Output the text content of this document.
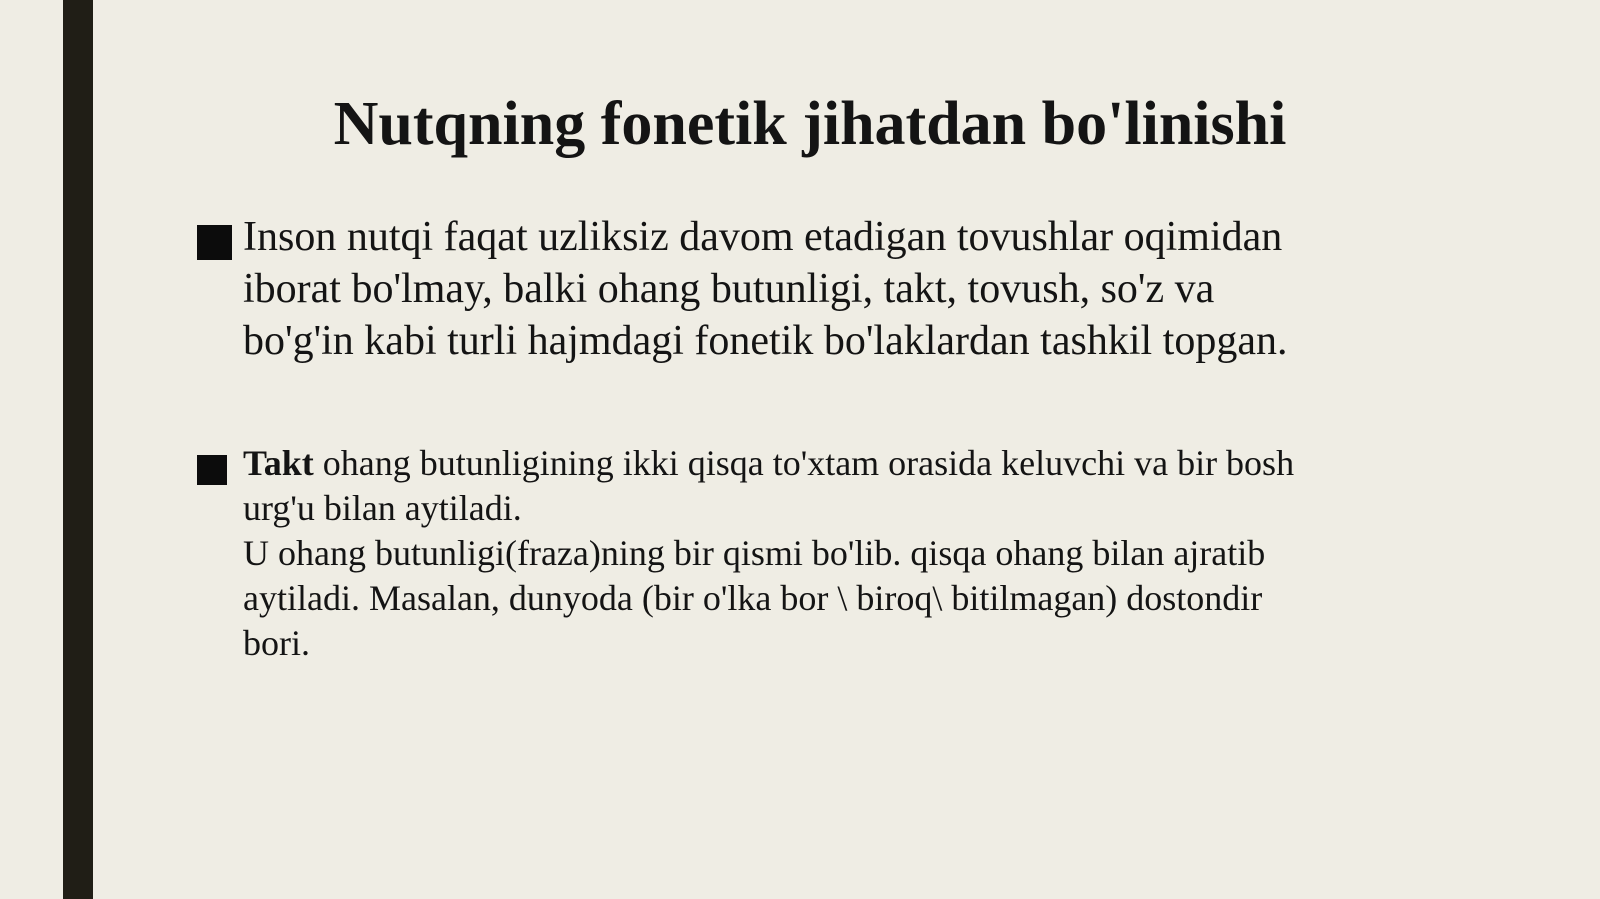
Nutqning fonetik jihatdan bo'linishi
Inson nutqi faqat uzliksiz davom etadigan tovushlar oqimidan
iborat bo'lmay, balki ohang butunligi, takt, tovush, so'z va
bo'g'in kabi turli hajmdagi fonetik bo'laklardan tashkil topgan.
Takt ohang butunligining ikki qisqa to'xtam orasida keluvchi va bir bosh
urg'u bilan aytiladi.
U ohang butunligi(fraza)ning bir qismi bo'lib. qisqa ohang bilan ajratib
aytiladi. Masalan, dunyoda (bir o'lka bor \ biroq\ bitilmagan) dostondir
bori.
